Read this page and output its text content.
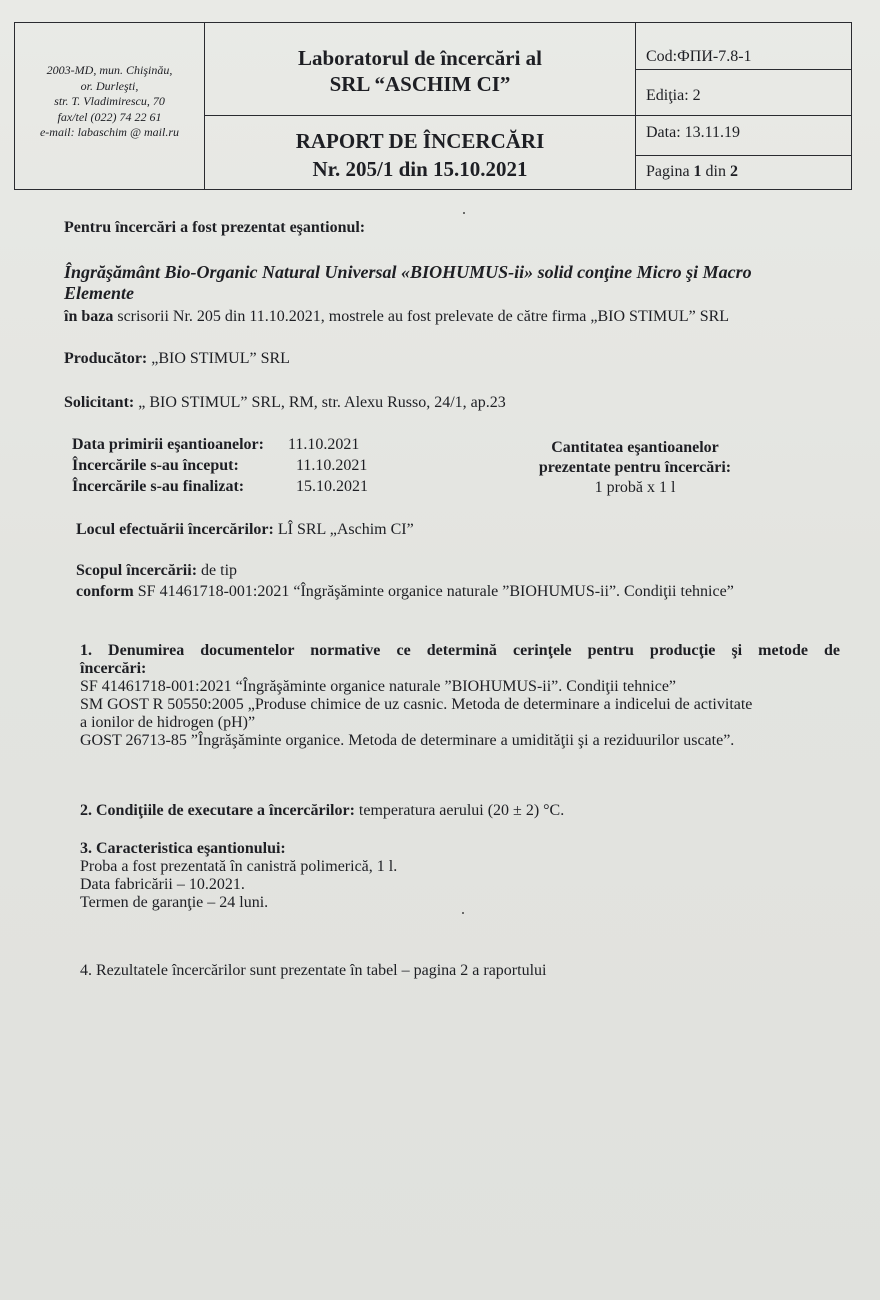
2003-MD, mun. Chişinău,
or. Durleşti,
str. T. Vladimirescu, 70
fax/tel (022) 74 22 61
e-mail: labaschim @ mail.ru
Laboratorul de încercări al
SRL “ASCHIM CI”
RAPORT DE ÎNCERCĂRI
Nr. 205/1 din 15.10.2021
Cod:ФПИ-7.8-1
Ediţia: 2
Data: 13.11.19
Pagina 1 din 2
Pentru încercări a fost prezentat eşantionul:
Îngrăşământ Bio-Organic Natural Universal «BIOHUMUS-ii» solid conţine Micro şi Macro
Elemente
în baza scrisorii Nr. 205 din 11.10.2021, mostrele au fost prelevate de către firma „BIO STIMUL” SRL
Producător: „BIO STIMUL” SRL
Solicitant: „ BIO STIMUL” SRL, RM, str. Alexu Russo, 24/1, ap.23
Data primirii eşantioanelor: 11.10.2021
Încercările s-au început:	11.10.2021
Încercările s-au finalizat:	15.10.2021
Cantitatea eşantioanelor
prezentate pentru încercări:
1 probă x 1 l
Locul efectuării încercărilor: LÎ SRL „Aschim CI”
Scopul încercării: de tip
conform SF 41461718-001:2021 “Îngrăşăminte organice naturale ”BIOHUMUS-ii”. Condiţii tehnice”
1. Denumirea documentelor normative ce determină cerinţele pentru producţie şi metode de
încercări:
SF 41461718-001:2021 “Îngrăşăminte organice naturale ”BIOHUMUS-ii”. Condiţii tehnice”
SM GOST R 50550:2005 „Produse chimice de uz casnic. Metoda de determinare a indicelui de activitate
a ionilor de hidrogen (pH)”
GOST 26713-85 ”Îngrăşăminte organice. Metoda de determinare a umidităţii şi a reziduurilor uscate”.
2. Condiţiile de executare a încercărilor: temperatura aerului (20 ± 2) °C.
3. Caracteristica eşantionului:
Proba a fost prezentată în canistră polimerică, 1 l.
Data fabricării – 10.2021.
Termen de garanţie – 24 luni.
4. Rezultatele încercărilor sunt prezentate în tabel – pagina 2 a raportului
